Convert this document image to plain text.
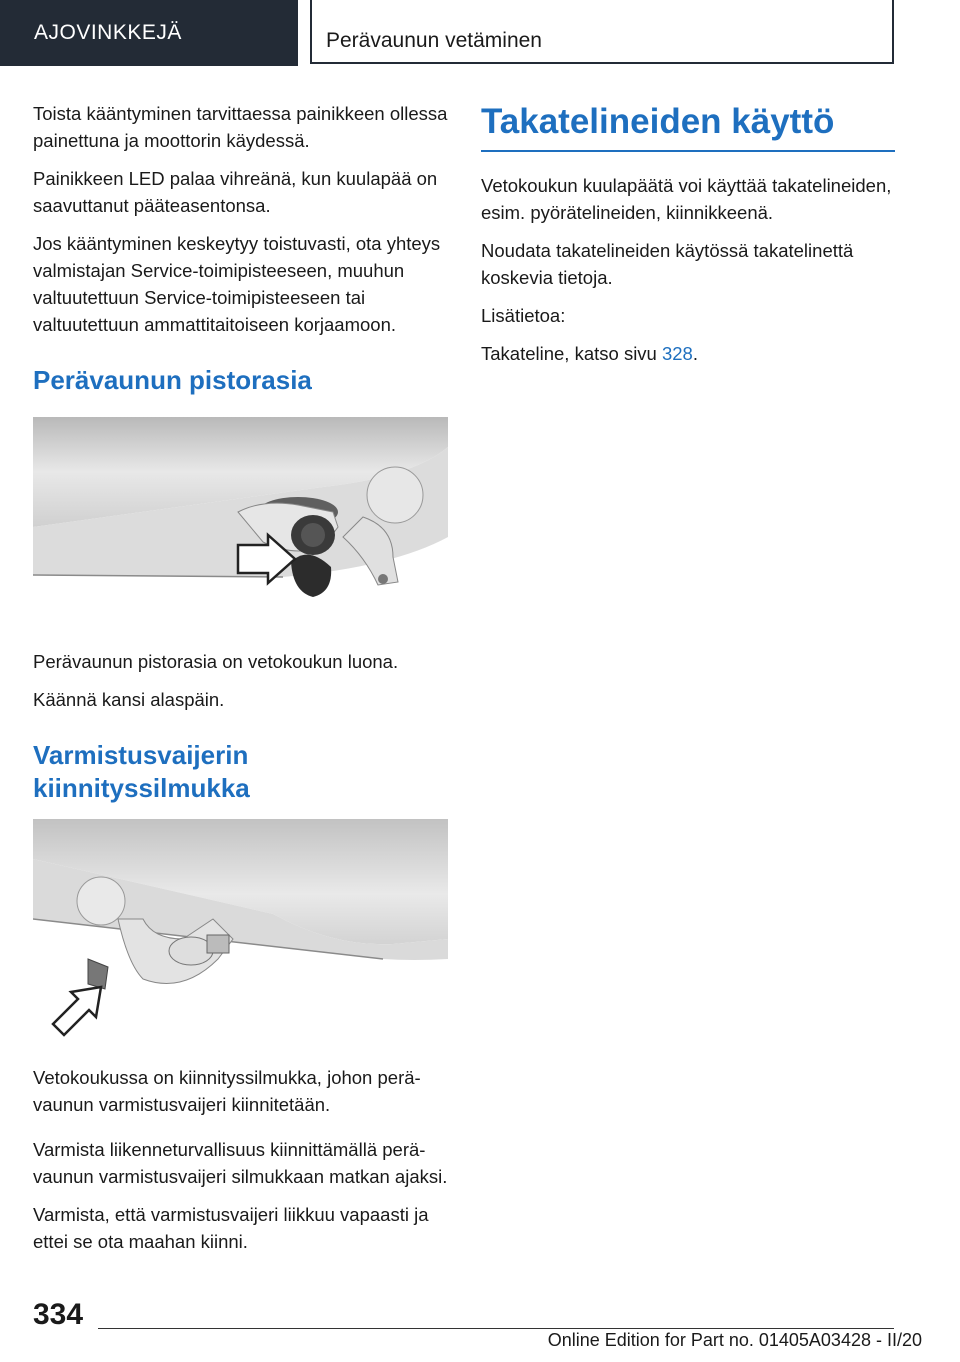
AJOVINKKEJÄ	Perävaunun vetäminen

Toista kääntyminen tarvittaessa painikkeen ollessa painettuna ja moottorin käydessä.

Painikkeen LED palaa vihreänä, kun kuulapää on saavuttanut pääteasentonsa.

Jos kääntyminen keskeytyy toistuvasti, ota yhteys valmistajan Service-toimipisteeseen, muuhun valtuutettuun Service-toimipisteeseen tai valtuutettuun ammattitaitoiseen korjaamoon.

Perävaunun pistorasia

Perävaunun pistorasia on vetokoukun luona.

Käännä kansi alaspäin.

Varmistusvaijerin kiinnityssilmukka

Vetokoukussa on kiinnityssilmukka, johon perävaunun varmistusvaijeri kiinnitetään.

Varmista liikenneturvallisuus kiinnittämällä perävaunun varmistusvaijeri silmukkaan matkan ajaksi.

Varmista, että varmistusvaijeri liikkuu vapaasti ja ettei se ota maahan kiinni.

Takatelineiden käyttö

Vetokoukun kuulapäätä voi käyttää takatelineiden, esim. pyörätelineiden, kiinnikkeenä.

Noudata takatelineiden käytössä takatelinettä koskevia tietoja.

Lisätietoa:

Takateline, katso sivu 328.

334
Online Edition for Part no. 01405A03428 - II/20
